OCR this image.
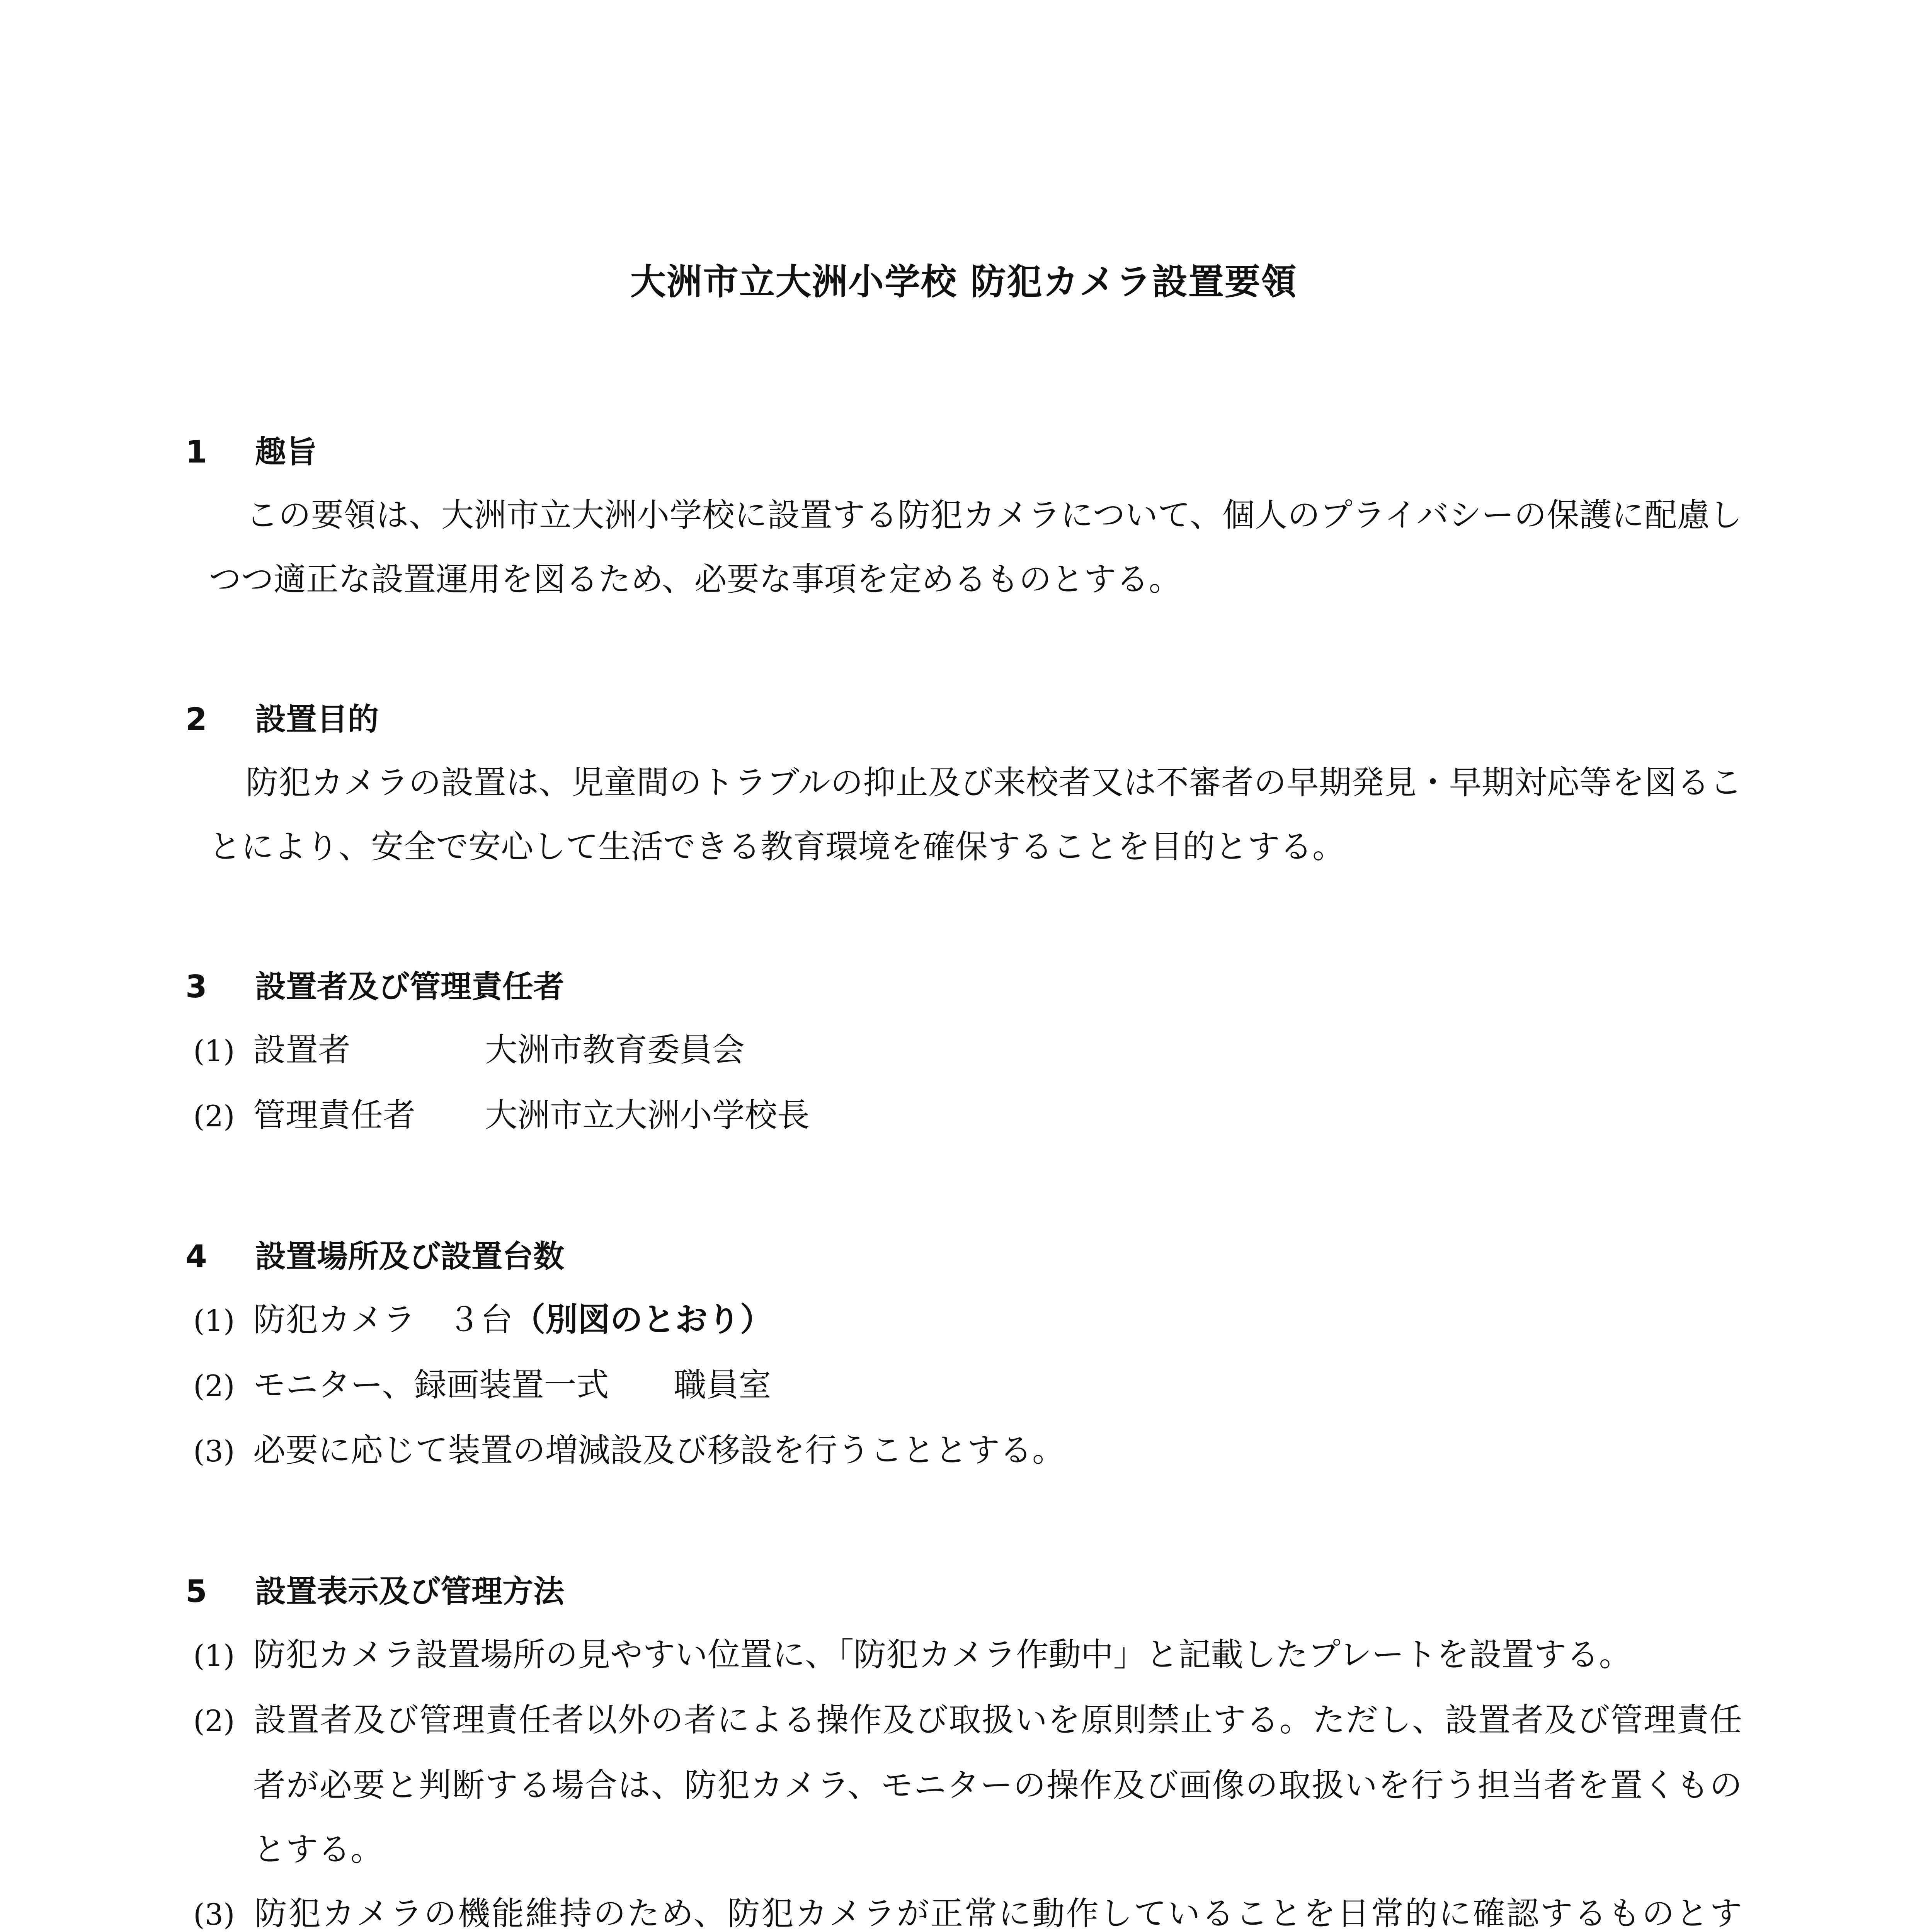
大洲市立大洲小学校 防犯カメラ設置要領
1 趣旨

この要領は、大洲市立大洲小学校に設置する防犯カメラについて、個人のプライバシーの保護に配慮しつつ適正な設置運用を図るため、必要な事項を定めるものとする。

2 設置目的

防犯カメラの設置は、児童間のトラブルの抑止及び来校者又は不審者の早期発見・早期対応等を図ることにより、安全で安心して生活できる教育環境を確保することを目的とする。

3 設置者及び管理責任者
(1) 設置者	大洲市教育委員会
(2) 管理責任者 大洲市立大洲小学校長
4 設置場所及び設置台数
(1) 防犯カメラ　３台（別図のとおり）
(2) モニター、録画装置一式　　職員室
(3) 必要に応じて装置の増減設及び移設を行うこととする。
5 設置表示及び管理方法
(1) 防犯カメラ設置場所の見やすい位置に、「防犯カメラ作動中」と記載したプレートを設置する。
(2) 設置者及び管理責任者以外の者による操作及び取扱いを原則禁止する。ただし、設置者及び管理責任者が必要と判断する場合は、防犯カメラ、モニターの操作及び画像の取扱いを行う担当者を置くものとする。
(3) 防犯カメラの機能維持のため、防犯カメラが正常に動作していることを日常的に確認するものとす
